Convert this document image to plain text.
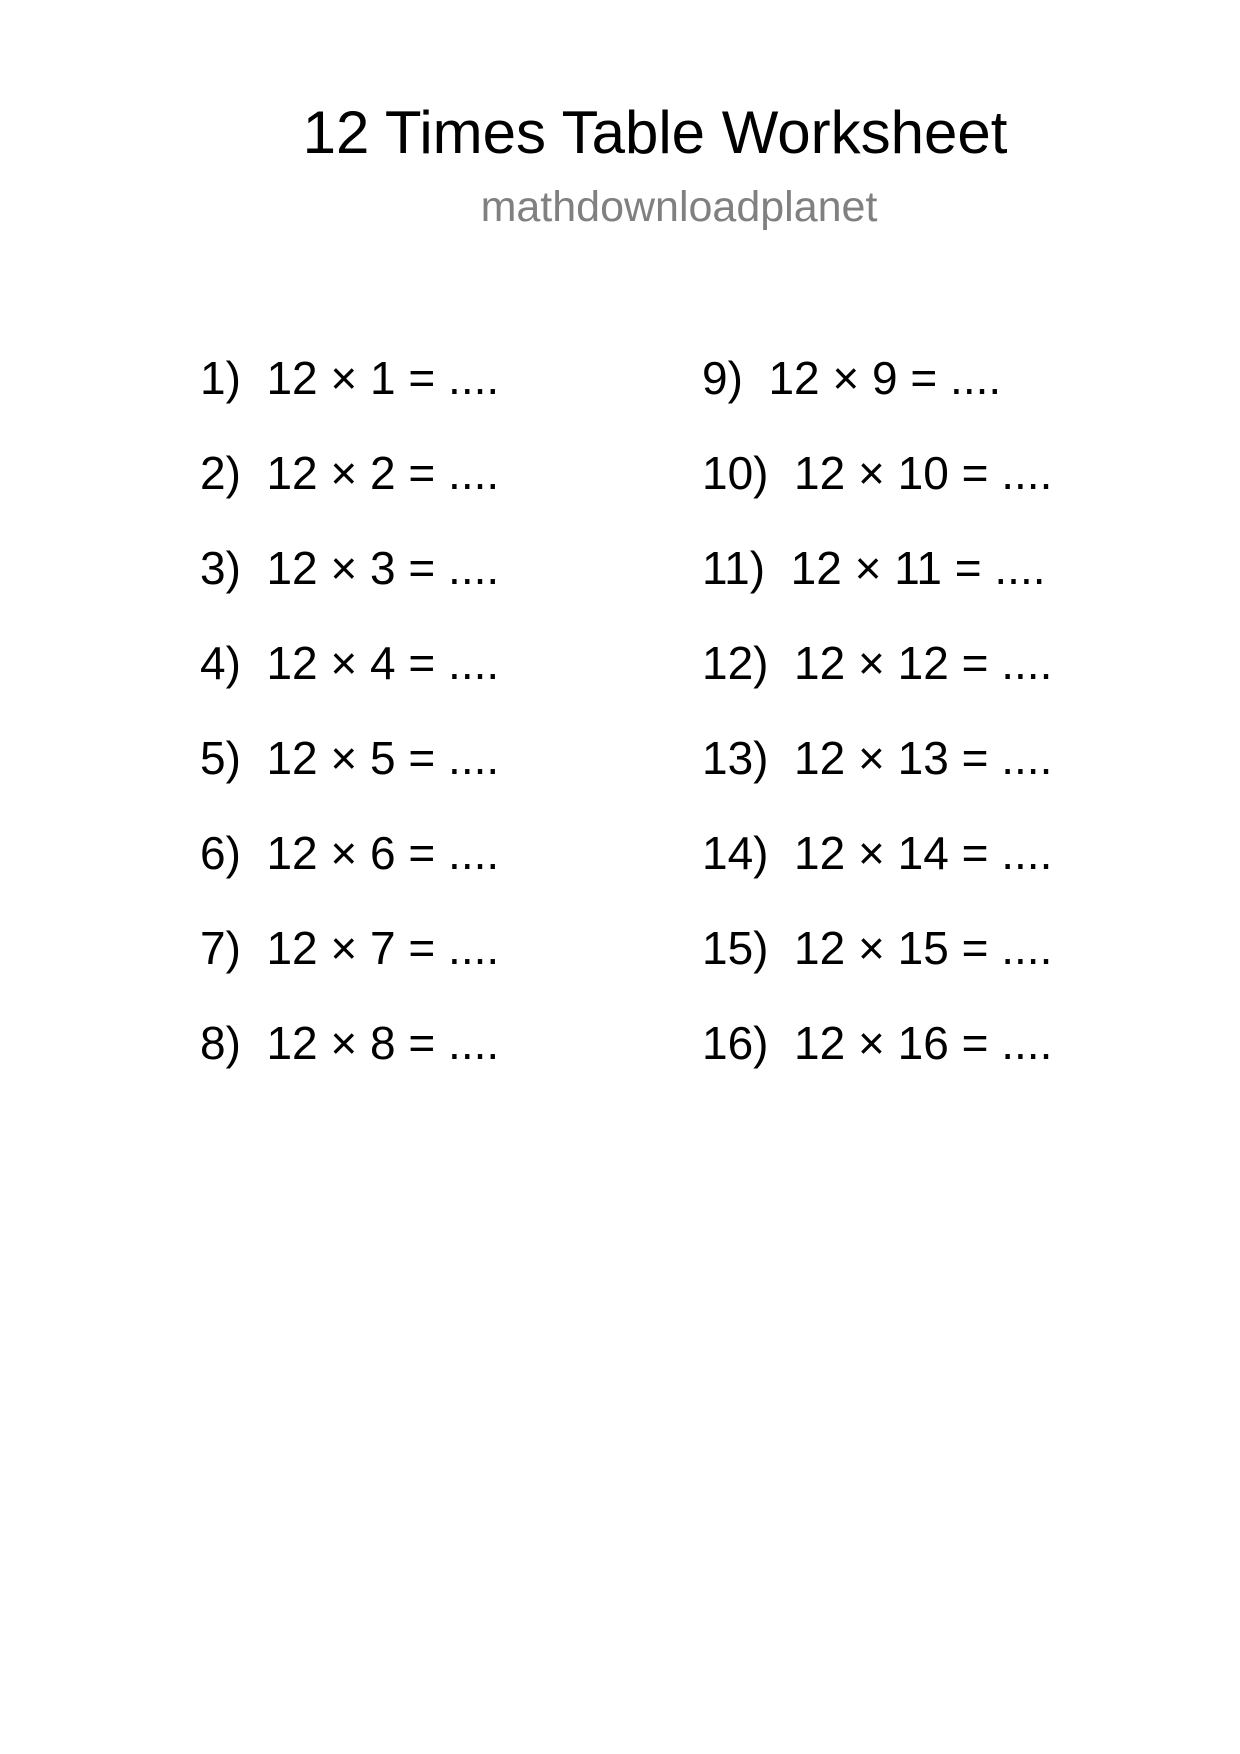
12 Times Table Worksheet
mathdownloadplanet
1)  12 × 1 = ....
2)  12 × 2 = ....
3)  12 × 3 = ....
4)  12 × 4 = ....
5)  12 × 5 = ....
6)  12 × 6 = ....
7)  12 × 7 = ....
8)  12 × 8 = ....
9)  12 × 9 = ....
10)  12 × 10 = ....
11)  12 × 11 = ....
12)  12 × 12 = ....
13)  12 × 13 = ....
14)  12 × 14 = ....
15)  12 × 15 = ....
16)  12 × 16 = ....
